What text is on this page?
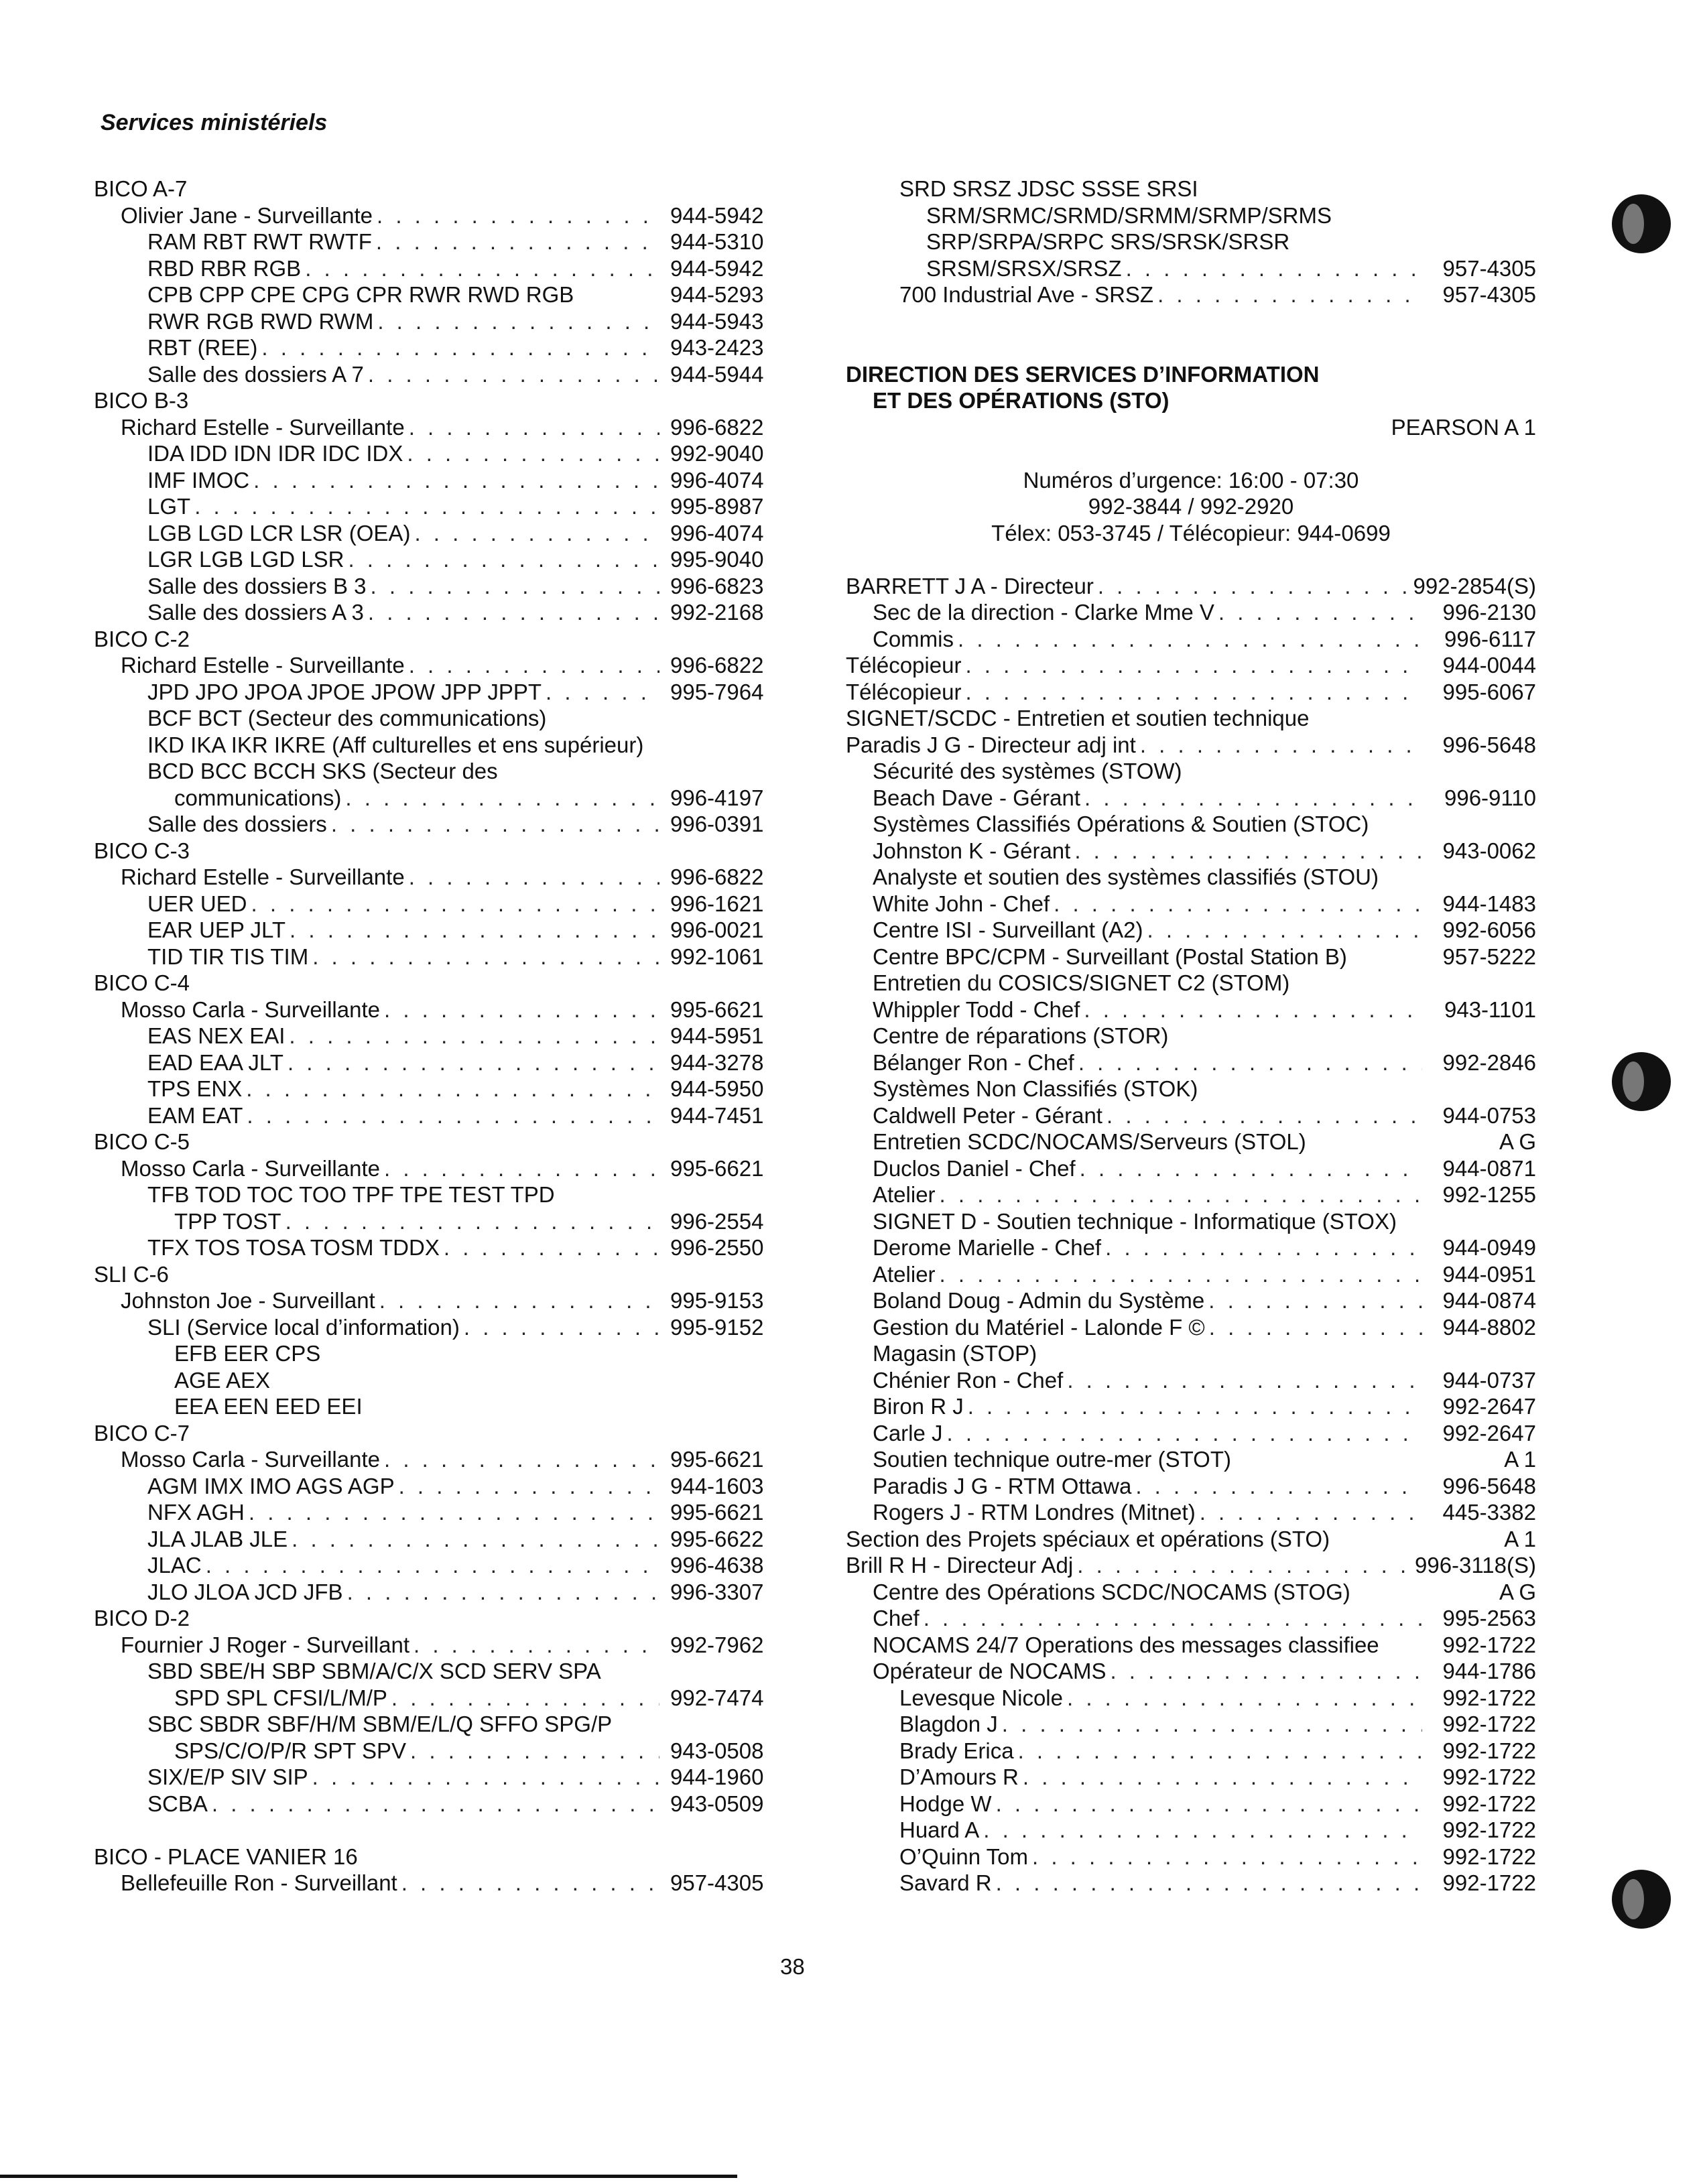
Services ministériels
BICO A-7
Olivier Jane - Surveillante . . .	944-5942
RAM RBT RWT RWTF . . .	944-5310
RBD RBR RGB . . .	944-5942
CPB CPP CPE CPG CPR RWR RWD RGB	944-5293
RWR RGB RWD RWM . . .	944-5943
RBT (REE) . . .	943-2423
Salle des dossiers A 7 . . .	944-5944
BICO B-3
Richard Estelle - Surveillante . . .	996-6822
IDA IDD IDN IDR IDC IDX . . .	992-9040
IMF IMOC . . .	996-4074
LGT . . .	995-8987
LGB LGD LCR LSR (OEA) . . .	996-4074
LGR LGB LGD LSR . . .	995-9040
Salle des dossiers B 3 . . .	996-6823
Salle des dossiers A 3 . . .	992-2168
BICO C-2
Richard Estelle - Surveillante . . .	996-6822
JPD JPO JPOA JPOE JPOW JPP JPPT . . .	995-7964
BCF BCT (Secteur des communications)
IKD IKA IKR IKRE (Aff culturelles et ens supérieur)
BCD BCC BCCH SKS (Secteur des
communications) . . .	996-4197
Salle des dossiers . . .	996-0391
BICO C-3
Richard Estelle - Surveillante . . .	996-6822
UER UED . . .	996-1621
EAR UEP JLT . . .	996-0021
TID TIR TIS TIM . . .	992-1061
BICO C-4
Mosso Carla - Surveillante . . .	995-6621
EAS NEX EAI . . .	944-5951
EAD EAA JLT . . .	944-3278
TPS ENX . . .	944-5950
EAM EAT . . .	944-7451
BICO C-5
Mosso Carla - Surveillante . . .	995-6621
TFB TOD TOC TOO TPF TPE TEST TPD
TPP TOST . . .	996-2554
TFX TOS TOSA TOSM TDDX . . .	996-2550
SLI C-6
Johnston Joe - Surveillant . . .	995-9153
SLI (Service local d’information) . . .	995-9152
EFB EER CPS
AGE AEX
EEA EEN EED EEI
BICO C-7
Mosso Carla - Surveillante . . .	995-6621
AGM IMX IMO AGS AGP . . .	944-1603
NFX AGH . . .	995-6621
JLA JLAB JLE . . .	995-6622
JLAC . . .	996-4638
JLO JLOA JCD JFB . . .	996-3307
BICO D-2
Fournier J Roger - Surveillant . . .	992-7962
SBD SBE/H SBP SBM/A/C/X SCD SERV SPA
SPD SPL CFSI/L/M/P . . .	992-7474
SBC SBDR SBF/H/M SBM/E/L/Q SFFO SPG/P
SPS/C/O/P/R SPT SPV . . .	943-0508
SIX/E/P SIV SIP . . .	944-1960
SCBA . . .	943-0509
BICO - PLACE VANIER 16
Bellefeuille Ron - Surveillant . . .	957-4305
SRD SRSZ JDSC SSSE SRSI
SRM/SRMC/SRMD/SRMM/SRMP/SRMS
SRP/SRPA/SRPC SRS/SRSK/SRSR
SRSM/SRSX/SRSZ . . .	957-4305
700 Industrial Ave - SRSZ . . .	957-4305
DIRECTION DES SERVICES D’INFORMATION
ET DES OPÉRATIONS (STO)
PEARSON A 1
Numéros d’urgence: 16:00 - 07:30
992-3844 / 992-2920
Télex: 053-3745 / Télécopieur: 944-0699
BARRETT J A - Directeur . . .	992-2854(S)
Sec de la direction - Clarke Mme V . . .	996-2130
Commis . . .	996-6117
Télécopieur . . .	944-0044
Télécopieur . . .	995-6067
SIGNET/SCDC - Entretien et soutien technique
Paradis J G - Directeur adj int . . .	996-5648
Sécurité des systèmes (STOW)
Beach Dave - Gérant . . .	996-9110
Systèmes Classifiés Opérations & Soutien (STOC)
Johnston K - Gérant . . .	943-0062
Analyste et soutien des systèmes classifiés (STOU)
White John - Chef . . .	944-1483
Centre ISI - Surveillant (A2) . . .	992-6056
Centre BPC/CPM - Surveillant (Postal Station B)	957-5222
Entretien du COSICS/SIGNET C2 (STOM)
Whippler Todd - Chef . . .	943-1101
Centre de réparations (STOR)
Bélanger Ron - Chef . . .	992-2846
Systèmes Non Classifiés (STOK)
Caldwell Peter - Gérant . . .	944-0753
Entretien SCDC/NOCAMS/Serveurs (STOL)	A G
Duclos Daniel - Chef . . .	944-0871
Atelier . . .	992-1255
SIGNET D - Soutien technique - Informatique (STOX)
Derome Marielle - Chef . . .	944-0949
Atelier . . .	944-0951
Boland Doug - Admin du Système . . .	944-0874
Gestion du Matériel - Lalonde F © . . .	944-8802
Magasin (STOP)
Chénier Ron - Chef . . .	944-0737
Biron R J . . .	992-2647
Carle J . . .	992-2647
Soutien technique outre-mer (STOT)	A 1
Paradis J G - RTM Ottawa . . .	996-5648
Rogers J - RTM Londres (Mitnet) . . .	445-3382
Section des Projets spéciaux et opérations (STO)	A 1
Brill R H - Directeur Adj . . .	996-3118(S)
Centre des Opérations SCDC/NOCAMS (STOG)	A G
Chef . . .	995-2563
NOCAMS 24/7 Operations des messages classifiee	992-1722
Opérateur de NOCAMS . . .	944-1786
Levesque Nicole . . .	992-1722
Blagdon J . . .	992-1722
Brady Erica . . .	992-1722
D’Amours R . . .	992-1722
Hodge W . . .	992-1722
Huard A . . .	992-1722
O’Quinn Tom . . .	992-1722
Savard R . . .	992-1722
38
